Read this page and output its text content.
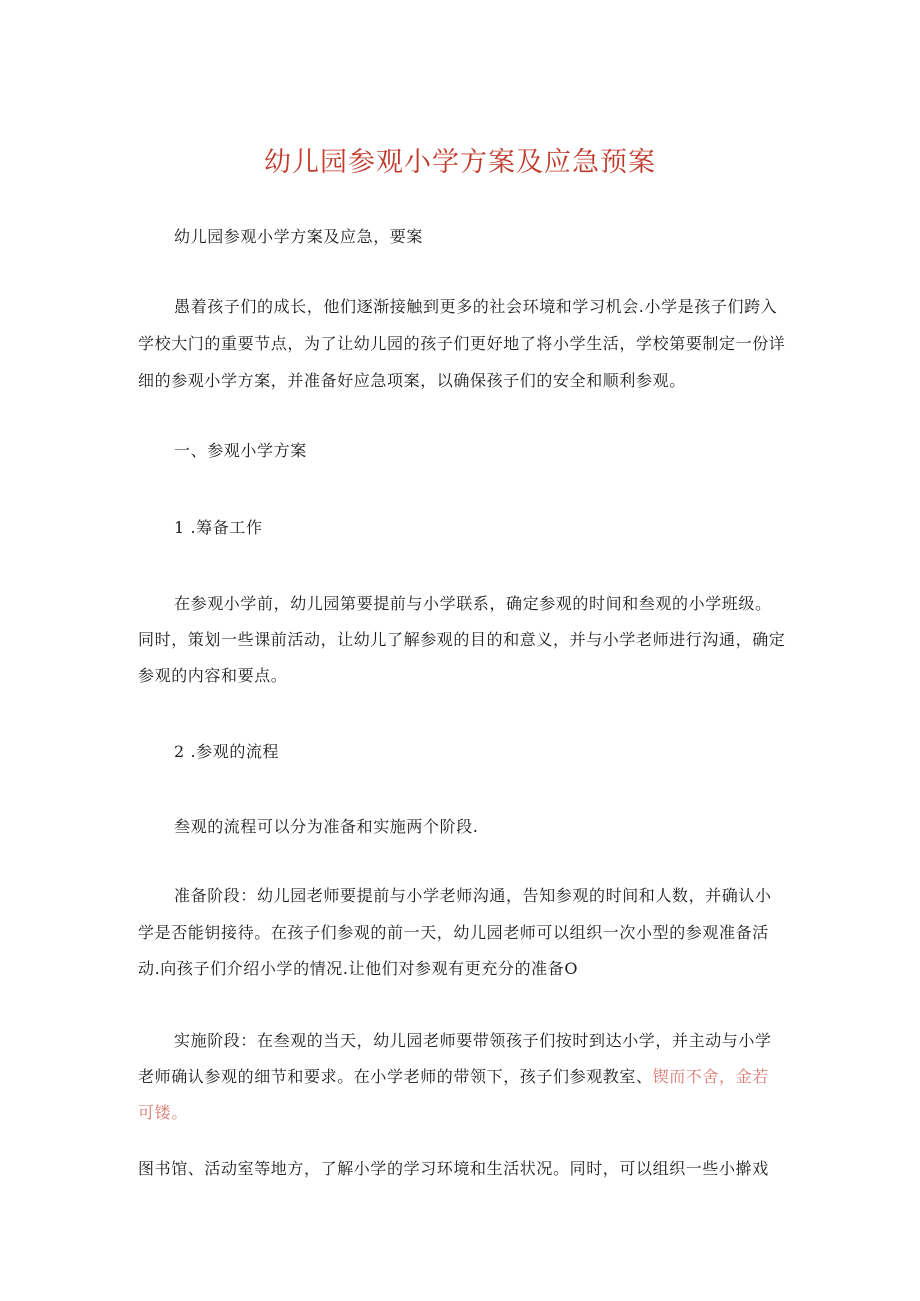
幼儿园参观小学方案及应急预案
幼儿园参观小学方案及应急，要案
愚着孩子们的成长，他们逐渐接触到更多的社会环境和学习机会.小学是孩子们跨入
学校大门的重要节点，为了让幼儿园的孩子们更好地了将小学生活，学校第要制定一份详
细的参观小学方案，并准备好应急项案，以确保孩子们的安全和顺利参观。
一、参观小学方案
1 .筹备工作
在参观小学前，幼儿园第要提前与小学联系，确定参观的时间和叁观的小学班级。
同时，策划一些课前活动，让幼儿了解参观的目的和意义，并与小学老师进行沟通，确定
参观的内容和要点。
2 .参观的流程
叁观的流程可以分为准备和实施两个阶段.
准备阶段：幼儿园老师要提前与小学老师沟通，告知参观的时间和人数，并确认小
学是否能钥接待。在孩子们参观的前一天，幼儿园老师可以组织一次小型的参观准备活
动.向孩子们介绍小学的情况.让他们对参观有更充分的准备O
实施阶段：在叁观的当天，幼儿园老师要带领孩子们按时到达小学，并主动与小学
老师确认参观的细节和要求。在小学老师的带领下，孩子们参观教室、锲而不舍，金若
可镂。
图书馆、活动室等地方，了解小学的学习环境和生活状况。同时，可以组织一些小擀戏
